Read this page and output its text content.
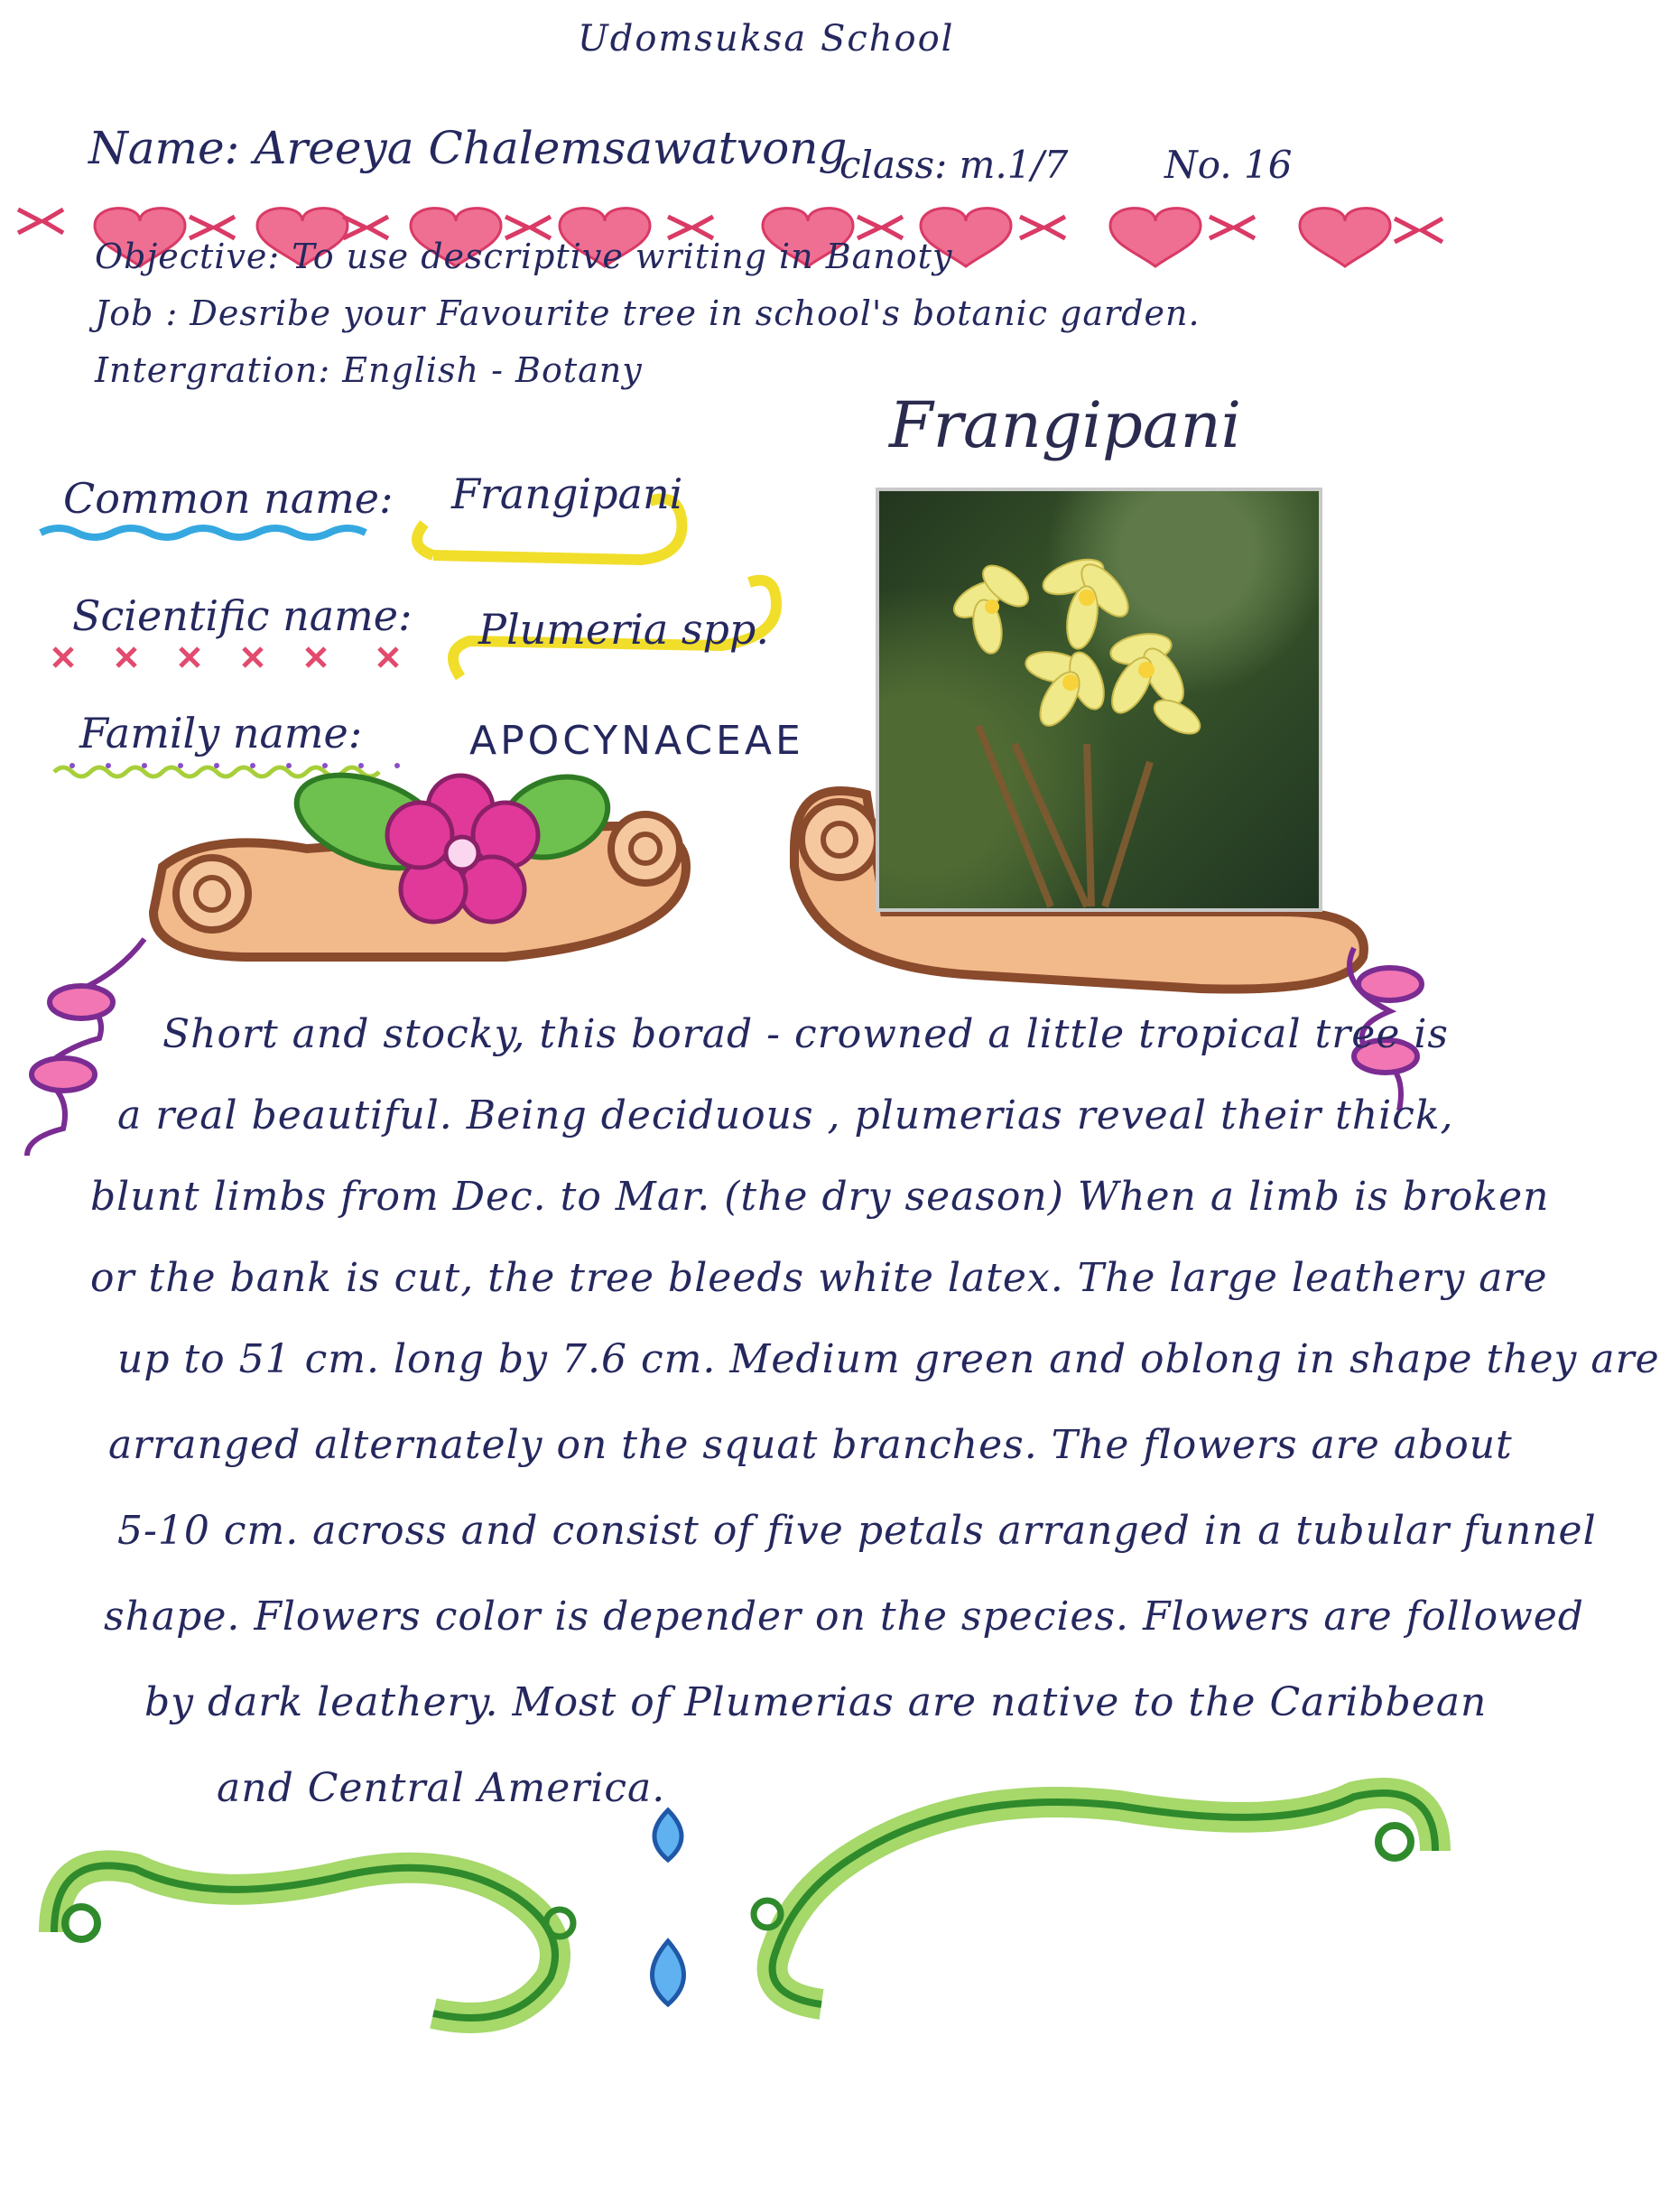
Udomsuksa School
Name: Areeya Chalemsawatvong
class: m.1/7	No. 16
Objective: To use descriptive writing in Banoty
Job : Desribe your Favourite tree in school's botanic garden.
Intergration: English - Botany
Frangipani
Common name: Frangipani
Scientific name: Plumeria spp.
Family name:	APOCYNACEAE
Short and stocky, this borad - crowned a little tropical tree is
a real beautiful. Being deciduous , plumerias reveal their thick,
blunt limbs from Dec. to Mar. (the dry season) When a limb is broken
or the bank is cut, the tree bleeds white latex. The large leathery are
up to 51 cm. long by 7.6 cm. Medium green and oblong in shape they are
arranged alternately on the squat branches. The flowers are about
5-10 cm. across and consist of five petals arranged in a tubular funnel
shape. Flowers color is depender on the species. Flowers are followed
by dark leathery. Most of Plumerias are native to the Caribbean
and Central America.
